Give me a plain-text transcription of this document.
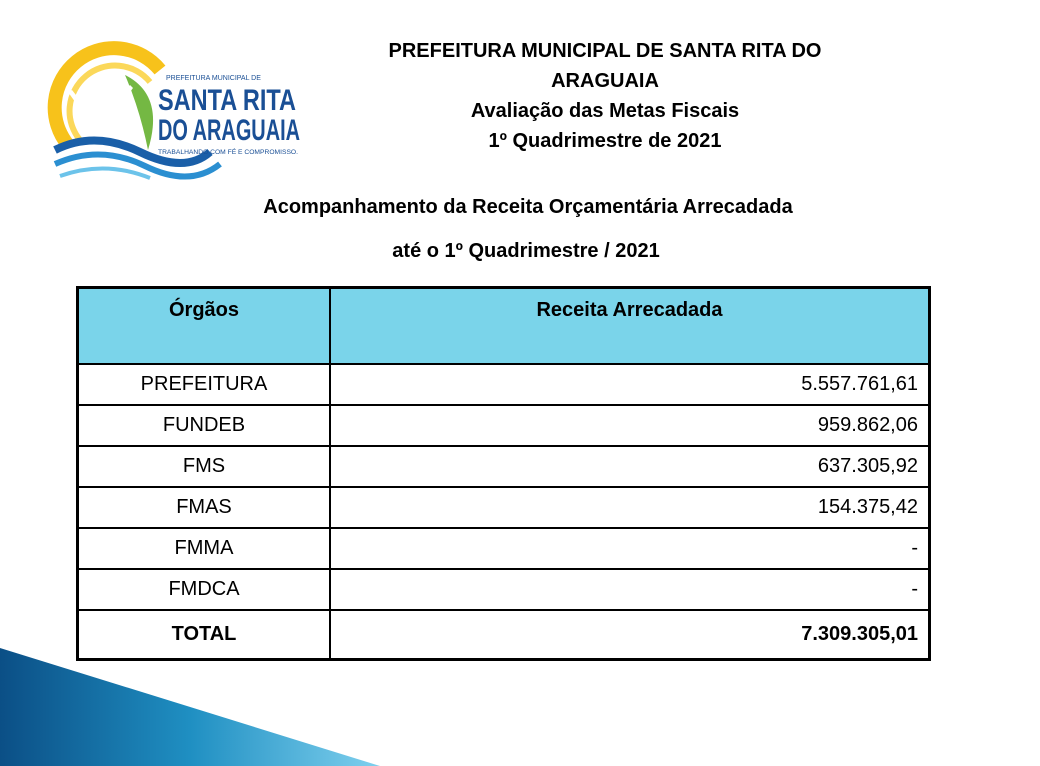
PREFEITURA MUNICIPAL DE
SANTA RITA
DO ARAGUAIA
TRABALHANDO COM FÉ E COMPROMISSO.
PREFEITURA MUNICIPAL DE SANTA RITA DO
ARAGUAIA
Avaliação das Metas Fiscais
1º Quadrimestre de 2021
Acompanhamento da Receita Orçamentária Arrecadada
até o 1º Quadrimestre / 2021
Órgãos	Receita Arrecadada
PREFEITURA	5.557.761,61
FUNDEB	959.862,06
FMS	637.305,92
FMAS	154.375,42
FMMA	-
FMDCA	-
TOTAL	7.309.305,01
